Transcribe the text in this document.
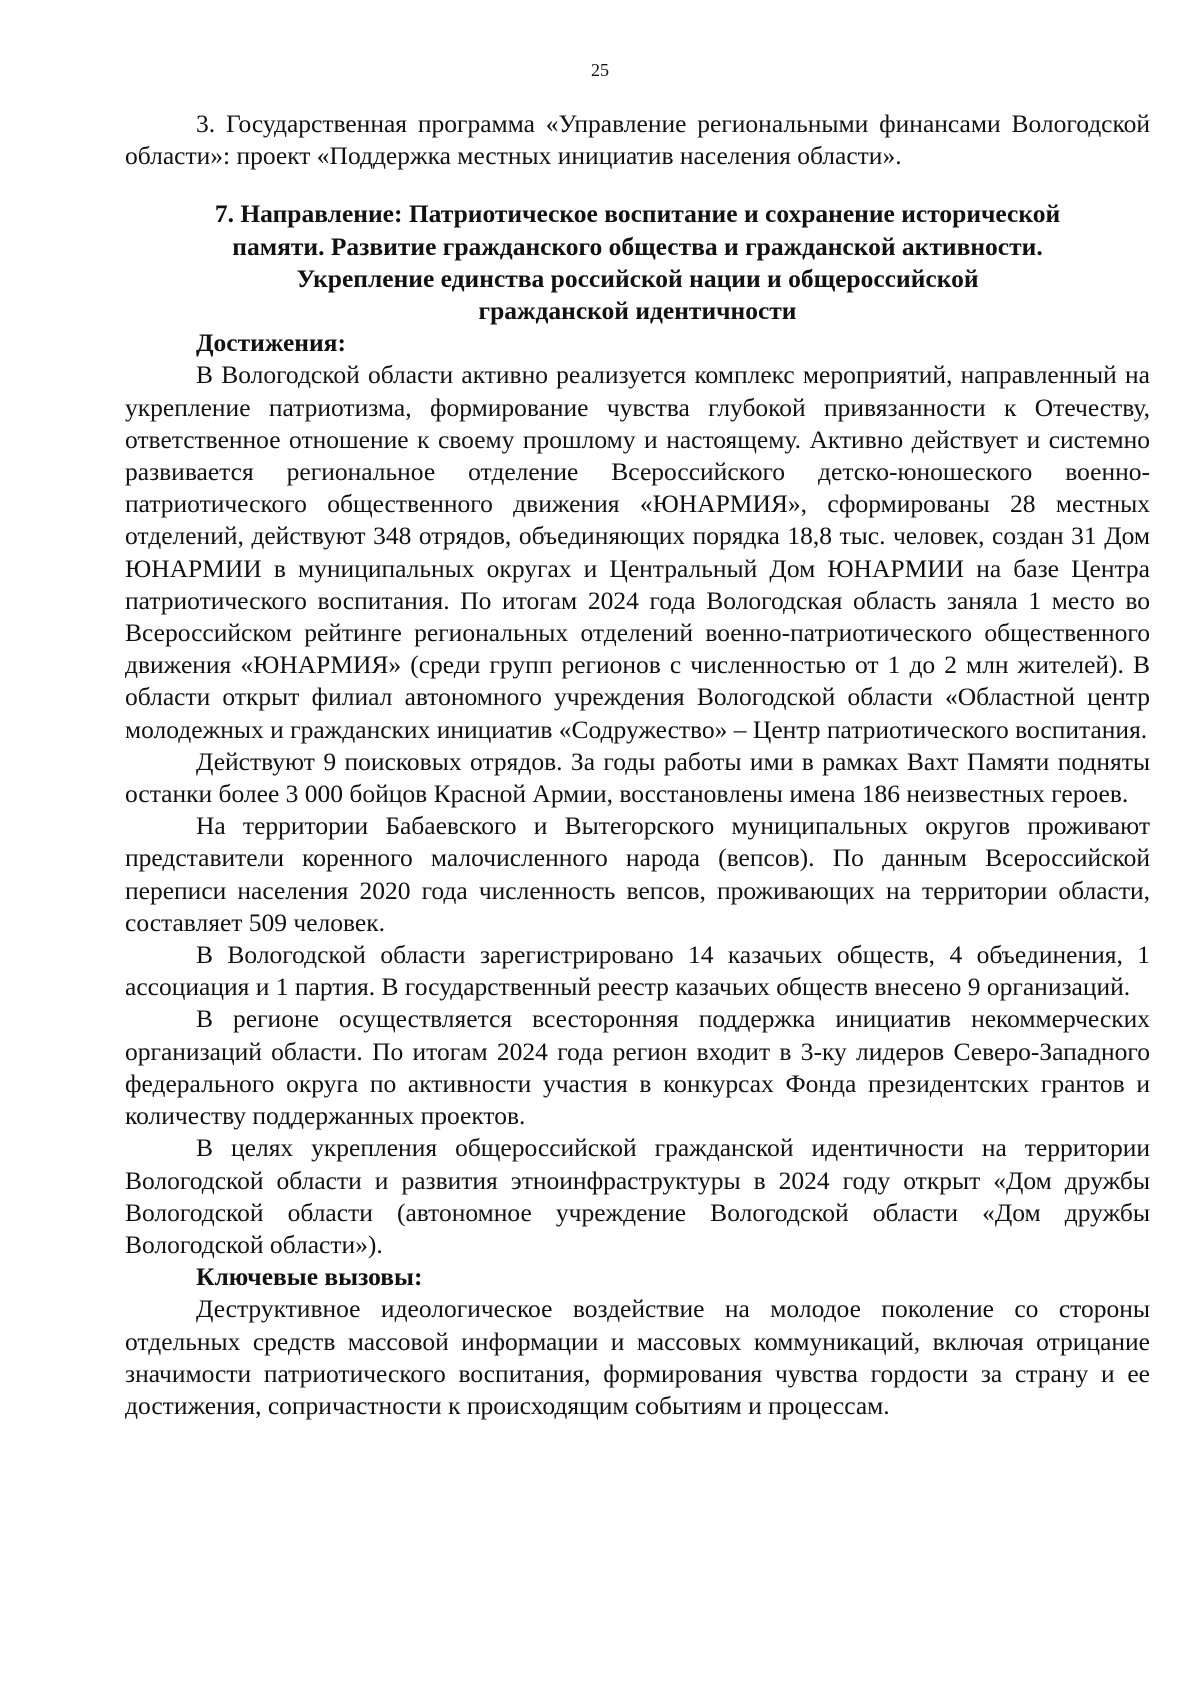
25

3. Государственная программа «Управление региональными финансами Вологодской области»: проект «Поддержка местных инициатив населения области».

7. Направление: Патриотическое воспитание и сохранение исторической
памяти. Развитие гражданского общества и гражданской активности.
Укрепление единства российской нации и общероссийской
гражданской идентичности

Достижения:

В Вологодской области активно реализуется комплекс мероприятий, направленный на укрепление патриотизма, формирование чувства глубокой привязанности к Отечеству, ответственное отношение к своему прошлому и настоящему. Активно действует и системно развивается региональное отделение Всероссийского детско-юношеского военно-патриотического общественного движения «ЮНАРМИЯ», сформированы 28 местных отделений, действуют 348 отрядов, объединяющих порядка 18,8 тыс. человек, создан 31 Дом ЮНАРМИИ в муниципальных округах и Центральный Дом ЮНАРМИИ на базе Центра патриотического воспитания. По итогам 2024 года Вологодская область заняла 1 место во Всероссийском рейтинге региональных отделений военно-патриотического общественного движения «ЮНАРМИЯ» (среди групп регионов с численностью от 1 до 2 млн жителей). В области открыт филиал автономного учреждения Вологодской области «Областной центр молодежных и гражданских инициатив «Содружество» – Центр патриотического воспитания.

Действуют 9 поисковых отрядов. За годы работы ими в рамках Вахт Памяти подняты останки более 3 000 бойцов Красной Армии, восстановлены имена 186 неизвестных героев.

На территории Бабаевского и Вытегорского муниципальных округов проживают представители коренного малочисленного народа (вепсов). По данным Всероссийской переписи населения 2020 года численность вепсов, проживающих на территории области, составляет 509 человек.

В Вологодской области зарегистрировано 14 казачьих обществ, 4 объединения, 1 ассоциация и 1 партия. В государственный реестр казачьих обществ внесено 9 организаций.

В регионе осуществляется всесторонняя поддержка инициатив некоммерческих организаций области. По итогам 2024 года регион входит в 3-ку лидеров Северо-Западного федерального округа по активности участия в конкурсах Фонда президентских грантов и количеству поддержанных проектов.

В целях укрепления общероссийской гражданской идентичности на территории Вологодской области и развития этноинфраструктуры в 2024 году открыт «Дом дружбы Вологодской области (автономное учреждение Вологодской области «Дом дружбы Вологодской области»).

Ключевые вызовы:

Деструктивное идеологическое воздействие на молодое поколение со стороны отдельных средств массовой информации и массовых коммуникаций, включая отрицание значимости патриотического воспитания, формирования чувства гордости за страну и ее достижения, сопричастности к происходящим событиям и процессам.
